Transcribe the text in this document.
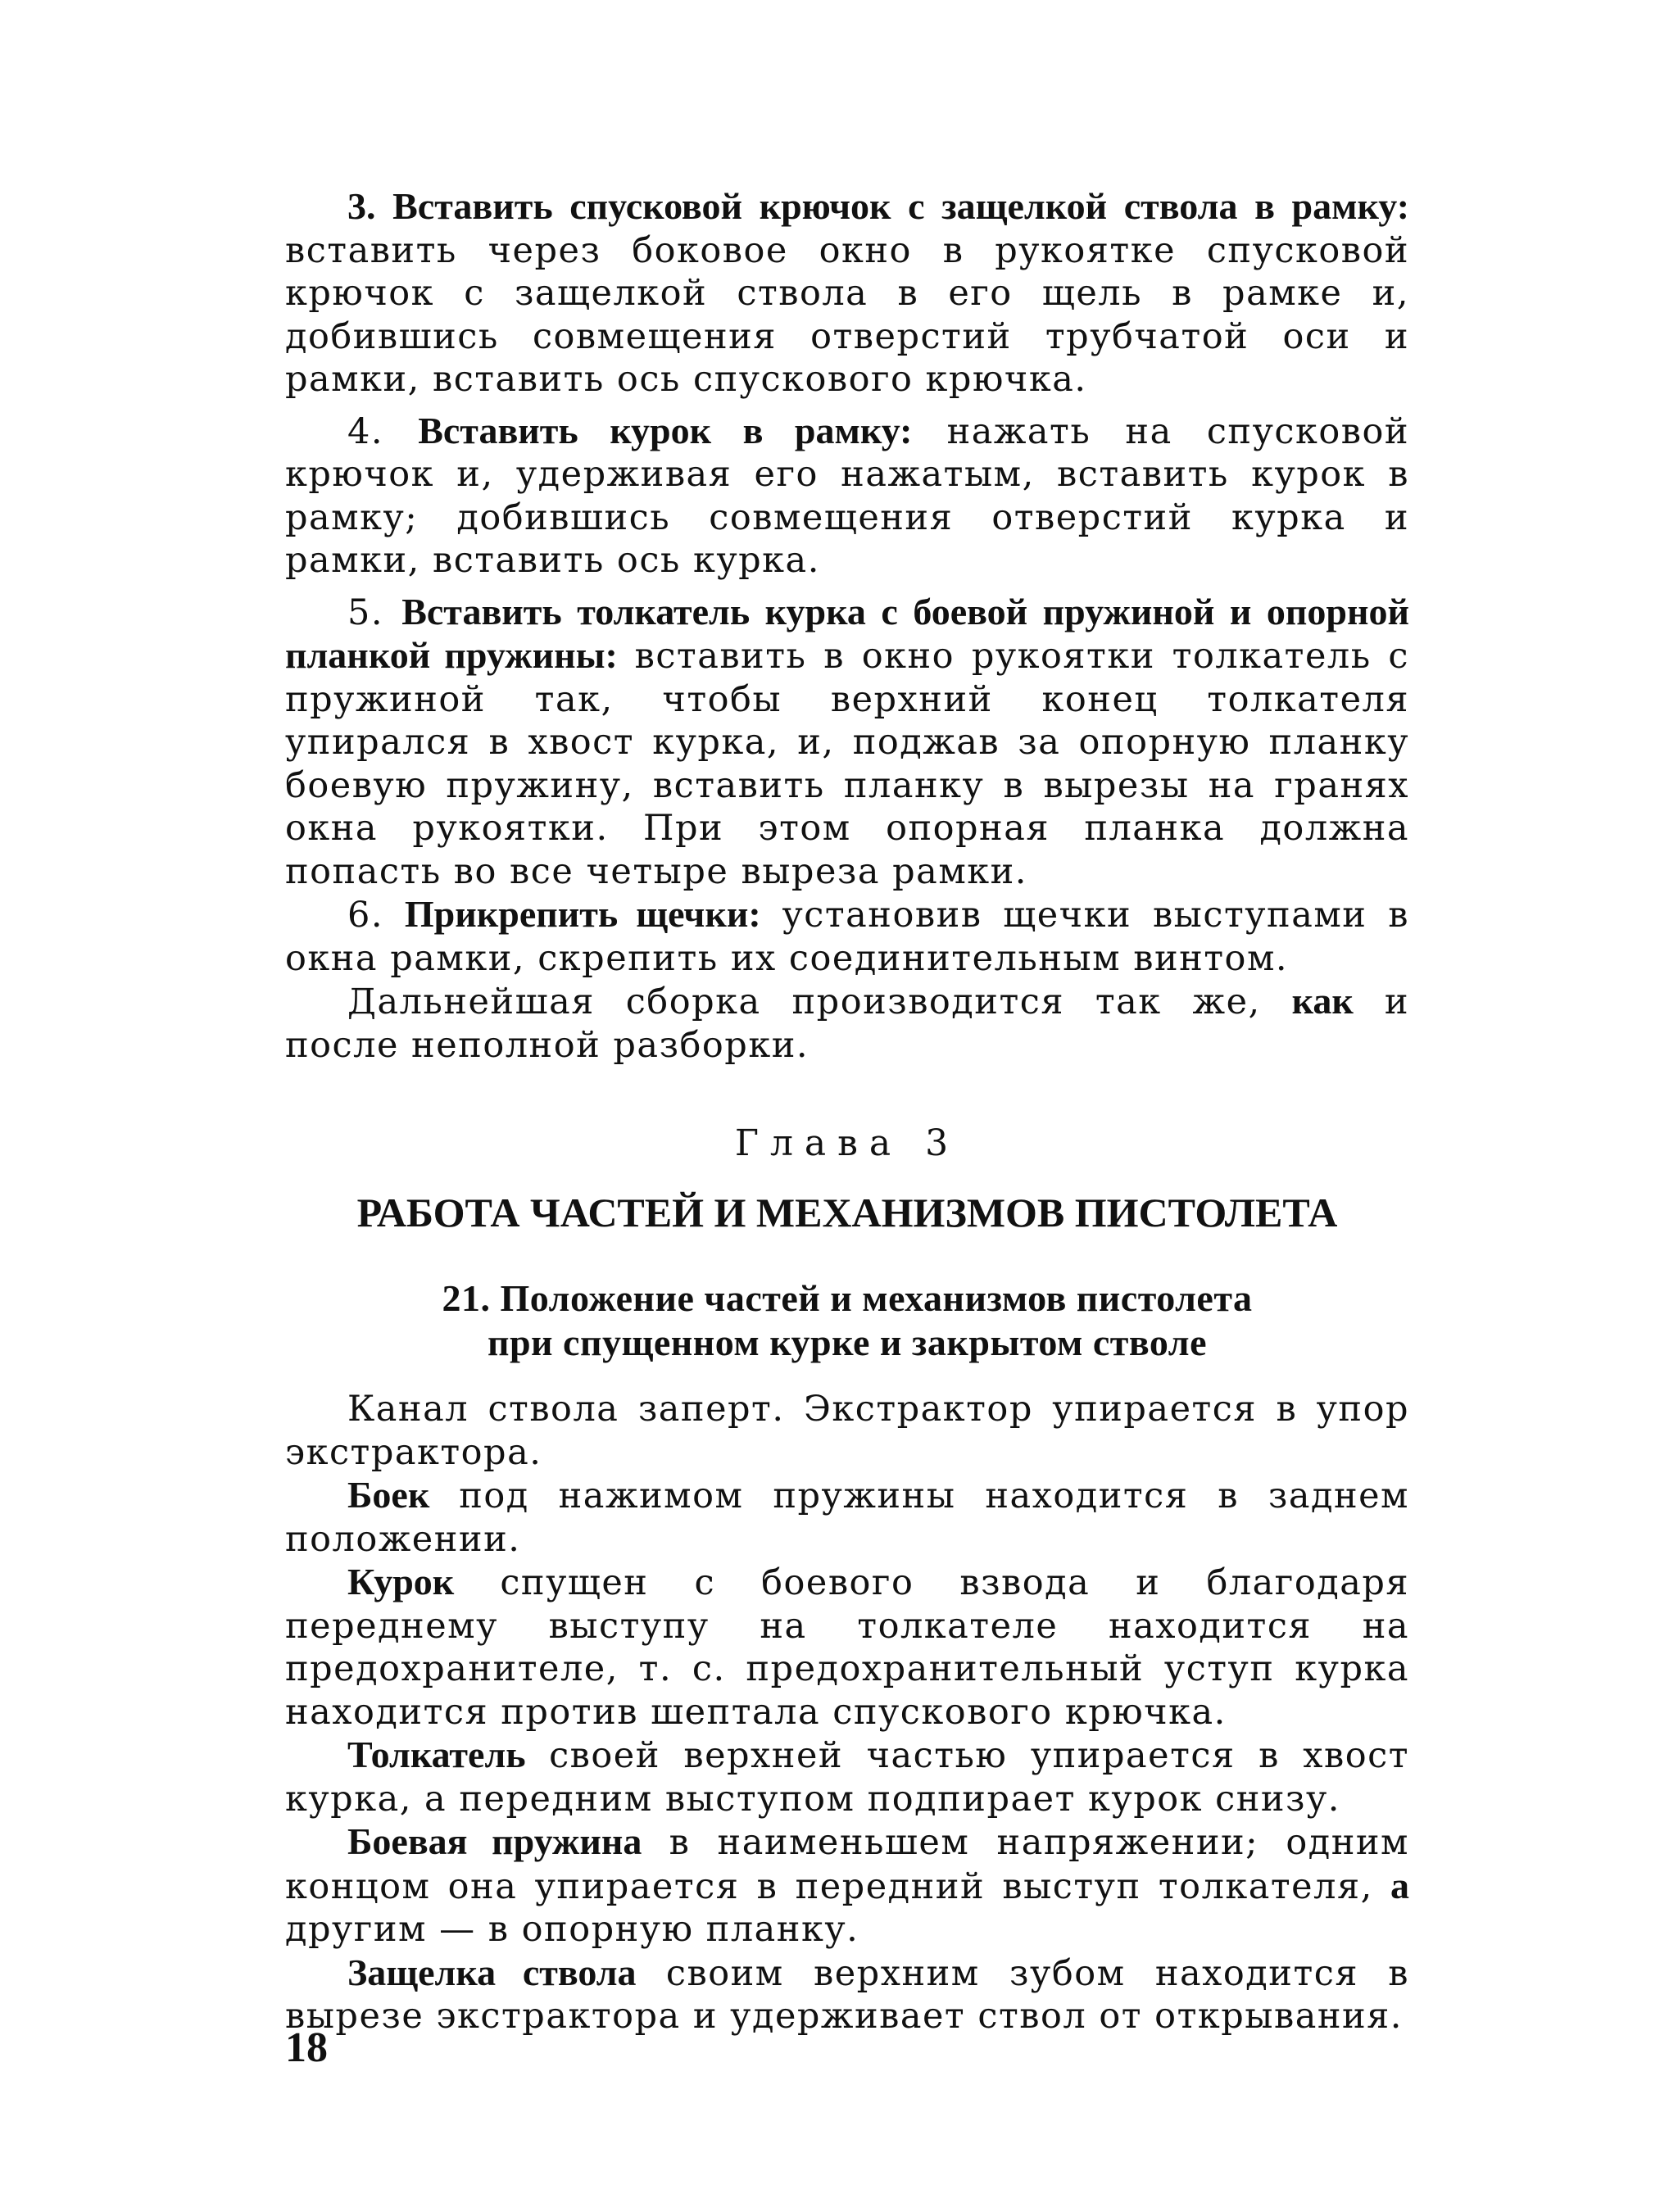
3. Вставить спусковой крючок с защелкой ствола в рамку: вставить через боковое окно в рукоятке спусковой крючок с защелкой ствола в его щель в рамке и, добившись совмещения отверстий трубчатой оси и рамки, вставить ось спускового крючка.

4. Вставить курок в рамку: нажать на спусковой крючок и, удерживая его нажатым, вставить курок в рамку; добившись совмещения отверстий курка и рамки, вставить ось курка.

5. Вставить толкатель курка с боевой пружиной и опорной планкой пружины: вставить в окно рукоятки толкатель с пружиной так, чтобы верхний конец толкателя упирался в хвост курка, и, поджав за опорную планку боевую пружину, вставить планку в вырезы на гранях окна рукоятки. При этом опорная планка должна попасть во все четыре выреза рамки.

6. Прикрепить щечки: установив щечки выступами в окна рамки, скрепить их соединительным винтом.

Дальнейшая сборка производится так же, как и после неполной разборки.

Глава 3
РАБОТА ЧАСТЕЙ И МЕХАНИЗМОВ ПИСТОЛЕТА
21. Положение частей и механизмов пистолета
при спущенном курке и закрытом стволе

Канал ствола заперт. Экстрактор упирается в упор экстрактора.

Боек под нажимом пружины находится в заднем положении.

Курок спущен с боевого взвода и благодаря переднему выступу на толкателе находится на предохранителе, т. с. предохранительный уступ курка находится против шептала спускового крючка.

Толкатель своей верхней частью упирается в хвост курка, а передним выступом подпирает курок снизу.

Боевая пружина в наименьшем напряжении; одним концом она упирается в передний выступ толкателя, а другим — в опорную планку.

Защелка ствола своим верхним зубом находится в вырезе экстрактора и удерживает ствол от открывания.

18
